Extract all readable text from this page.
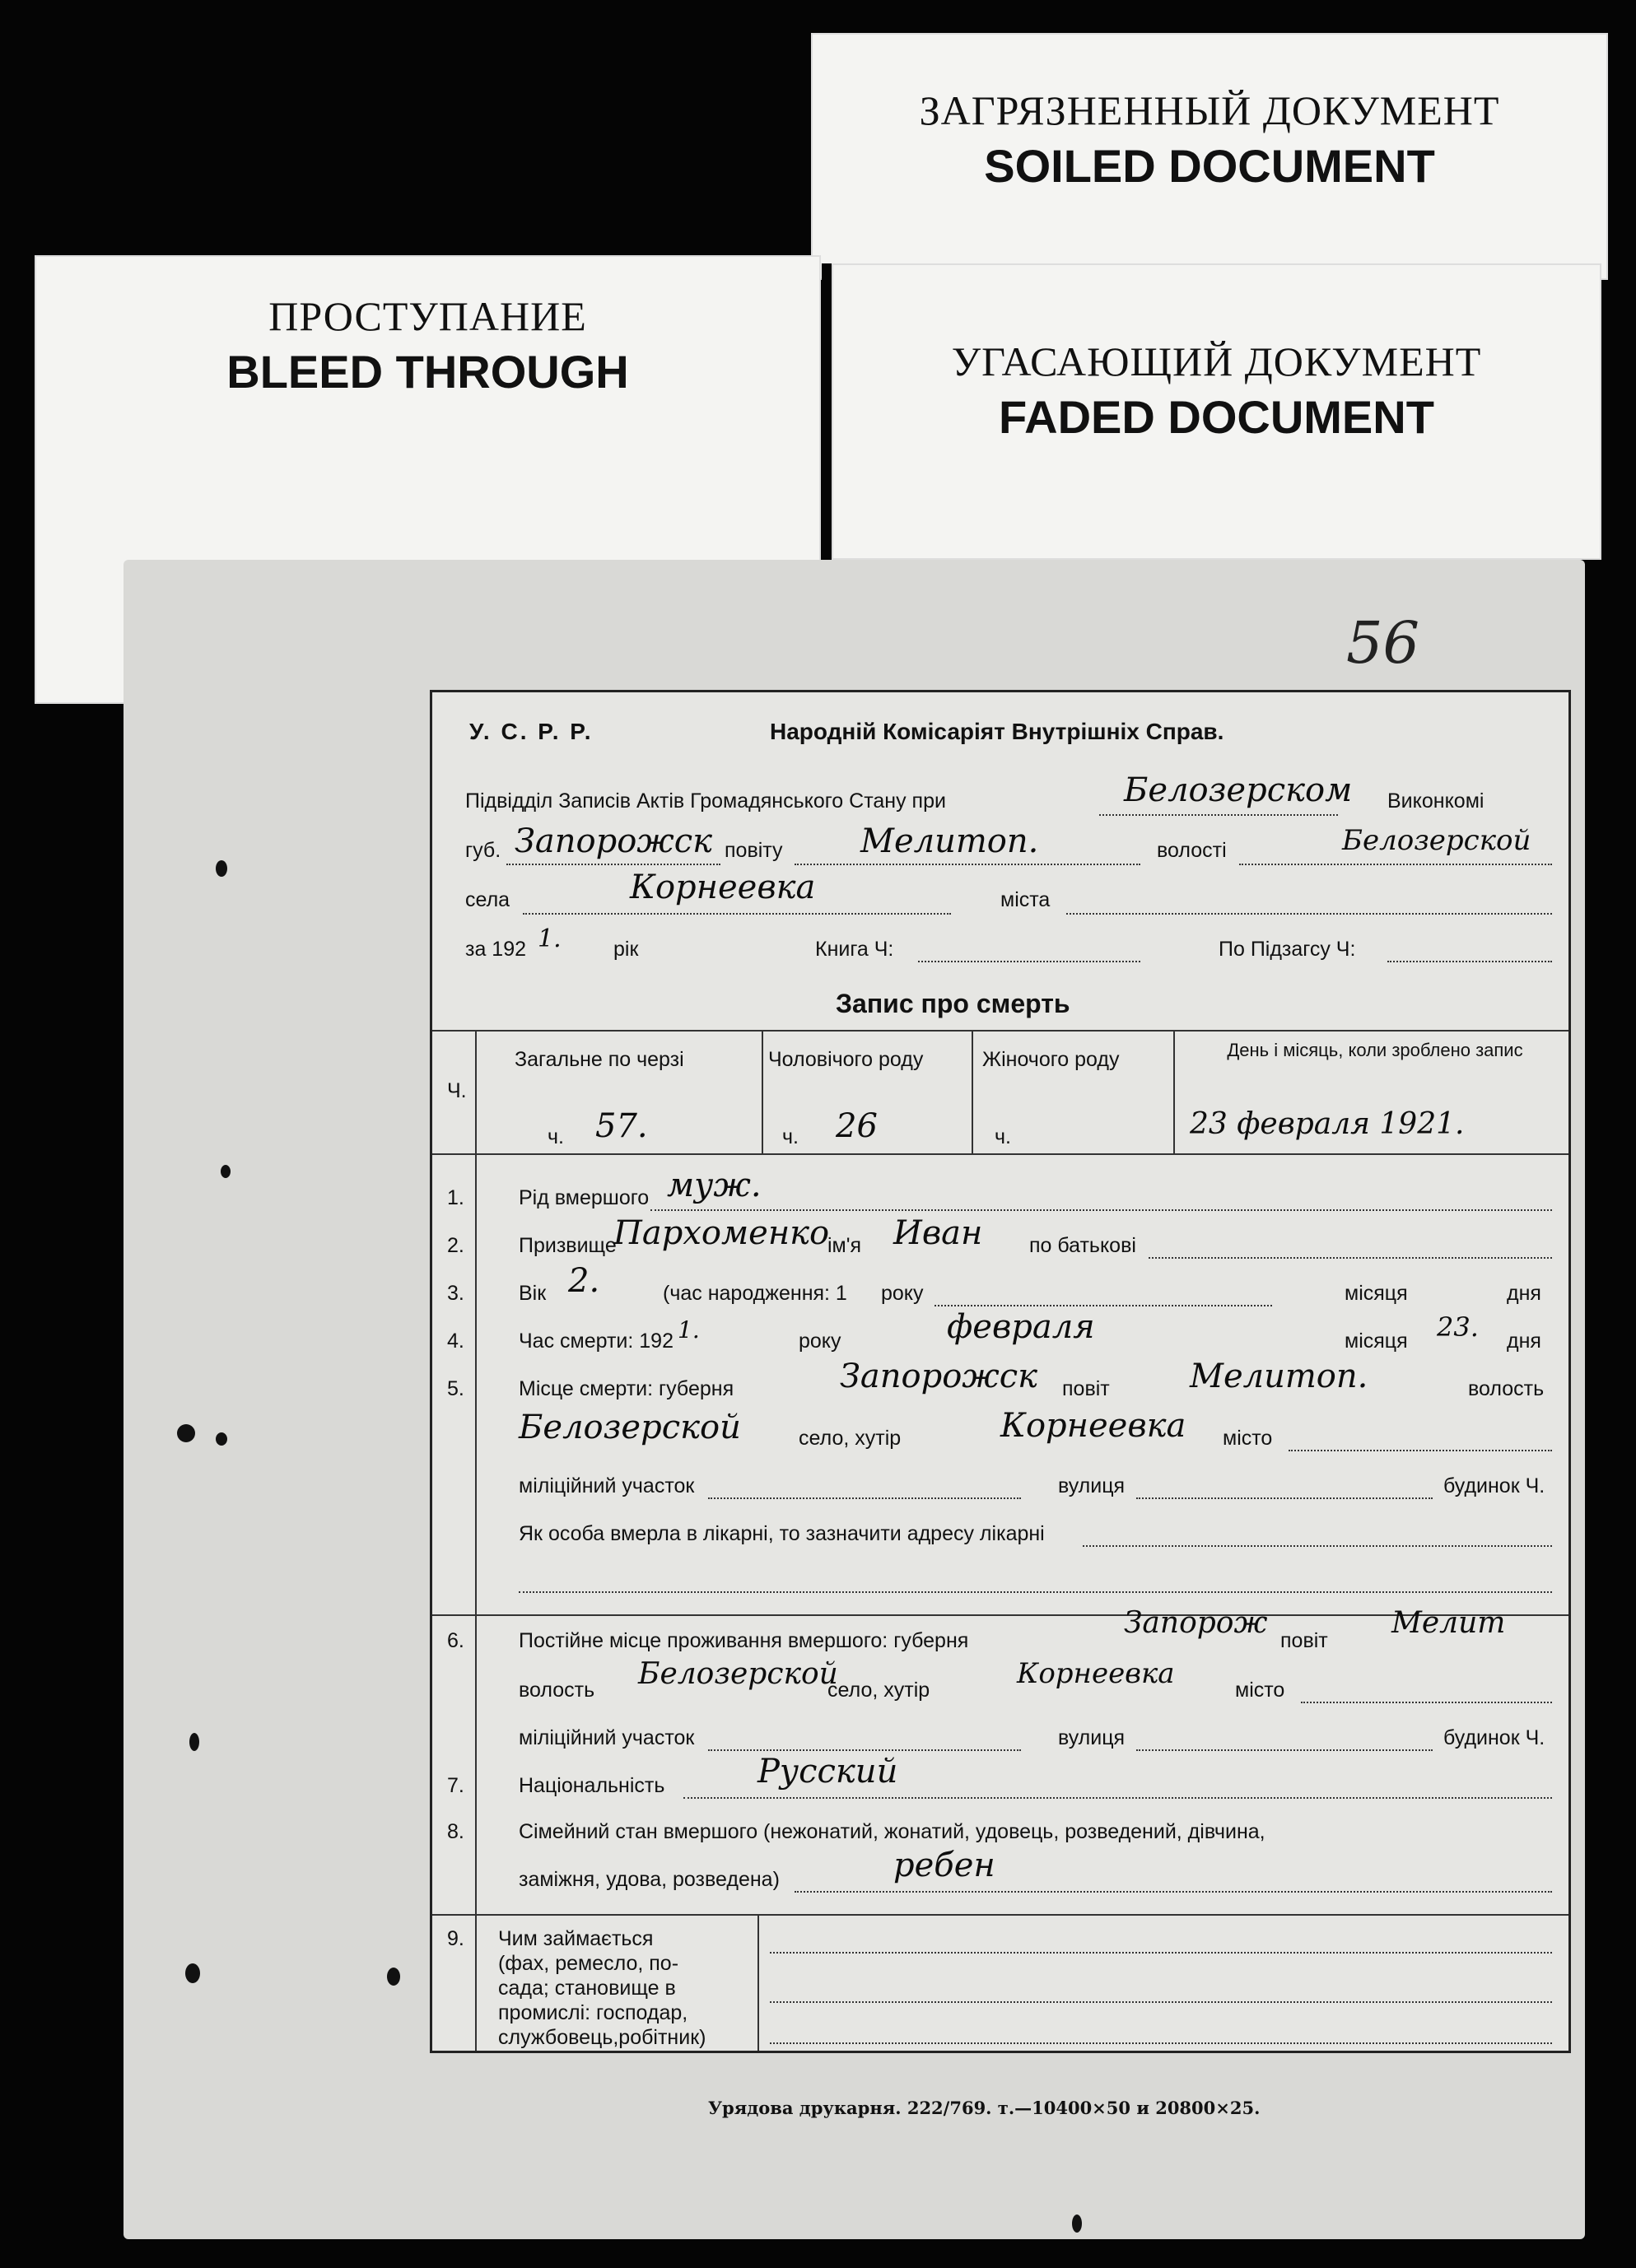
ЗАГРЯЗНЕННЫЙ ДОКУМЕНТ
SOILED DOCUMENT
ПРОСТУПАНИЕ
BLEED THROUGH	УГАСАЮЩИЙ ДОКУМЕНТ
FADED DOCUMENT
56
У. С. Р. Р.	Народній Комісаріят Внутрішніх Справ.
Підвідділ Записів Актів Громадянського Стану при	Белозерском Виконкомі
губ. Запорожск повіту Мелитоп.	волості	Белозерской
села	Корнеевка	міста
за 192 1.	рік	Книга Ч:	По Підзагсу Ч:
Запис про смерть
Ч.
Загальне по черзі	Чоловічого роду	Жіночого роду	День і місяць, коли зроблено запис
ч. 57.	ч. 26	ч.	23 февраля 1921.
1.	Рід вмершого муж.
2.	Призвище
Пархоменко
ім'я Иван по батькові
3.	Вік 2.	(час народження: 1 року	місяця	дня
4.	Час смерти: 192 1.	року	февраля	місяця 23. дня
5.	Місце смерти: губерня	Запорожск повіт Мелитоп.	волость
Белозерской	село, хутір	Корнеевка місто
міліційний участок	вулиця	будинок Ч.
Як особа вмерла в лікарні, то зазначити адресу лікарні
6.	Постійне місце проживання вмершого: губерня
Запорож
повіт
Мелит
волость Белозерской
село, хутір	Корнеевка	місто
міліційний участок	вулиця	будинок Ч.
7.	Національність	Русский
8.	Сімейний стан вмершого (нежонатий, жонатий, удовець, розведений, дівчина,
заміжня, удова, розведена)	ребен
9. Чим займається
(фах, ремесло, по-
сада; становище в
промислі: господар,
службовець,робітник)
Урядова друкарня. 222/769. т.—10400⨯50 и 20800⨯25.
